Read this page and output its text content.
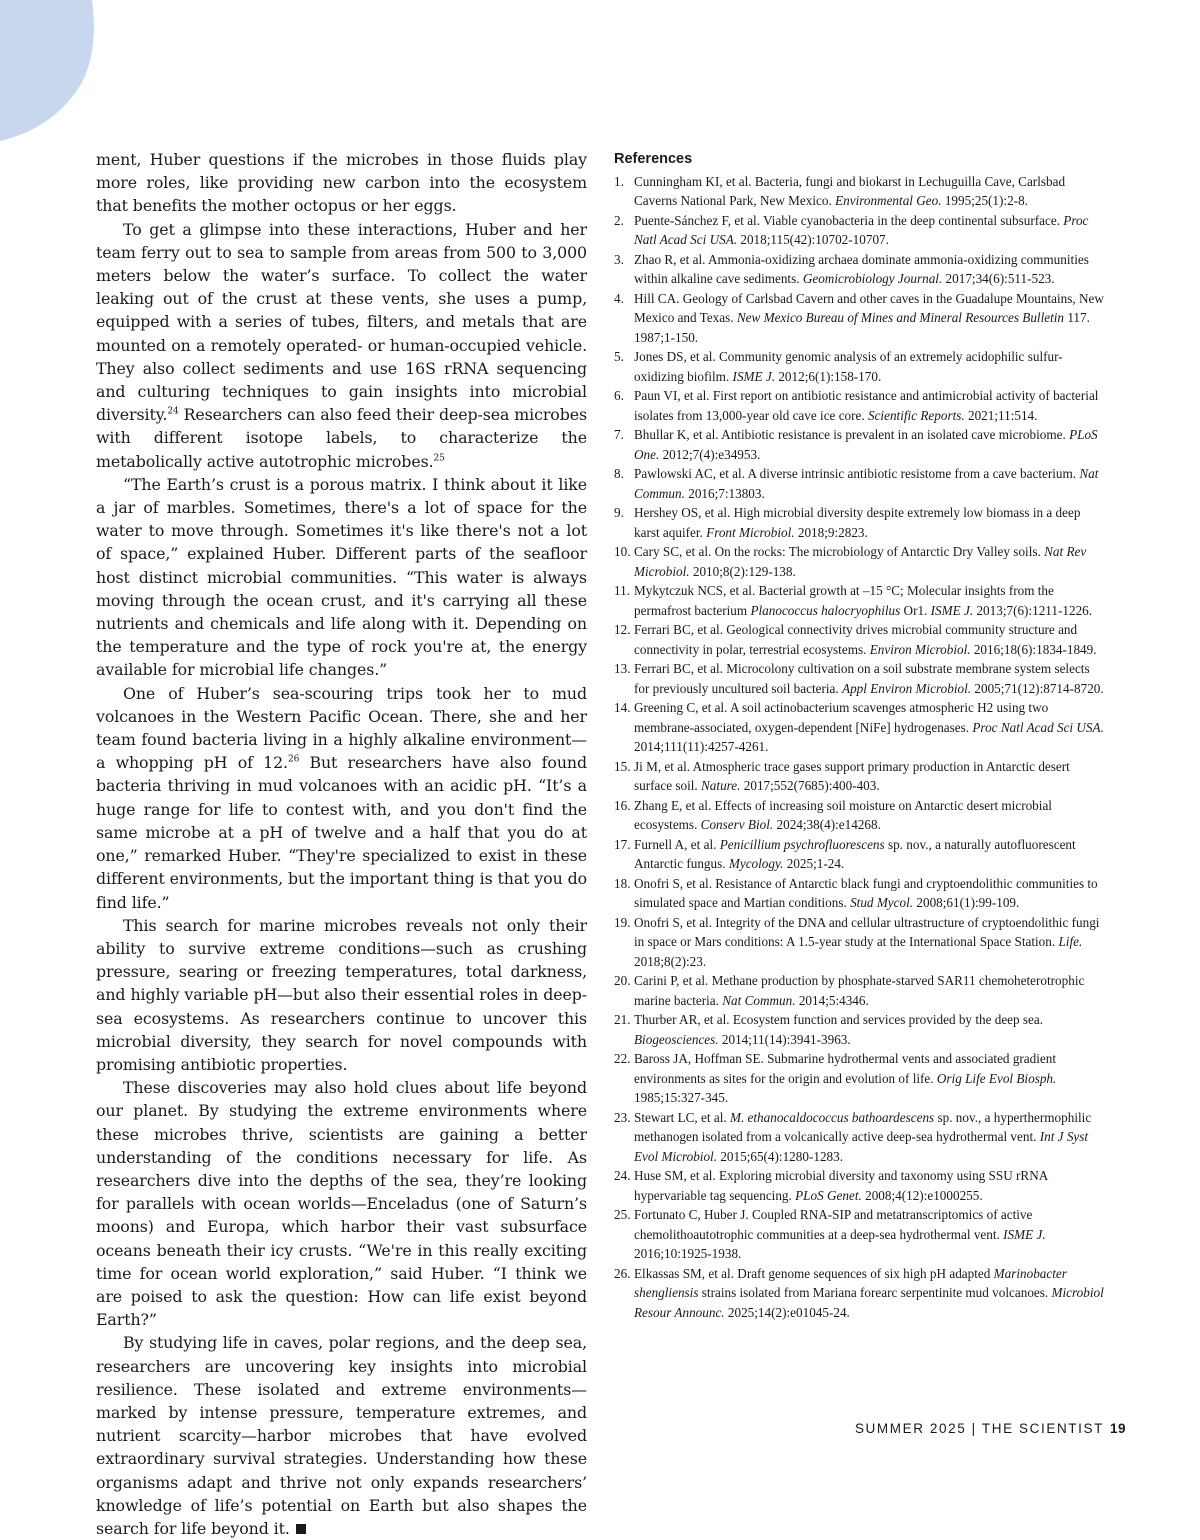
ment, Huber questions if the microbes in those fluids play more roles, like providing new carbon into the ecosystem that benefits the mother octopus or her eggs.

To get a glimpse into these interactions, Huber and her team ferry out to sea to sample from areas from 500 to 3,000 meters below the water’s surface. To collect the water leaking out of the crust at these vents, she uses a pump, equipped with a series of tubes, filters, and metals that are mounted on a remotely operated- or human-occupied vehicle. They also collect sediments and use 16S rRNA sequencing and culturing techniques to gain insights into microbial diversity.$^{24}$ Researchers can also feed their deep-sea microbes with different isotope labels, to characterize the metabolically active autotrophic microbes.$^{25}$

“The Earth’s crust is a porous matrix. I think about it like a jar of marbles. Sometimes, there's a lot of space for the water to move through. Sometimes it's like there's not a lot of space,” explained Huber. Different parts of the seafloor host distinct microbial communities. “This water is always moving through the ocean crust, and it's carrying all these nutrients and chemicals and life along with it. Depending on the temperature and the type of rock you're at, the energy available for microbial life changes.”

One of Huber’s sea-scouring trips took her to mud volcanoes in the Western Pacific Ocean. There, she and her team found bacteria living in a highly alkaline environment—a whopping pH of 12.26 But researchers have also found bacteria thriving in mud volcanoes with an acidic pH. “It’s a huge range for life to contest with, and you don't find the same microbe at a pH of twelve and a half that you do at one,” remarked Huber. “They're specialized to exist in these different environments, but the important thing is that you do find life.”

This search for marine microbes reveals not only their ability to survive extreme conditions—such as crushing pressure, searing or freezing temperatures, total darkness, and highly variable pH—but also their essential roles in deep-sea ecosystems. As researchers continue to uncover this microbial diversity, they search for novel compounds with promising antibiotic properties.

These discoveries may also hold clues about life beyond our planet. By studying the extreme environments where these microbes thrive, scientists are gaining a better understanding of the conditions necessary for life. As researchers dive into the depths of the sea, they’re looking for parallels with ocean worlds—Enceladus (one of Saturn’s moons) and Europa, which harbor their vast subsurface oceans beneath their icy crusts. “We're in this really exciting time for ocean world exploration,” said Huber. “I think we are poised to ask the question: How can life exist beyond Earth?”

By studying life in caves, polar regions, and the deep sea, researchers are uncovering key insights into microbial resilience. These isolated and extreme environments—marked by intense pressure, temperature extremes, and nutrient scarcity—harbor microbes that have evolved extraordinary survival strategies. Understanding how these organisms adapt and thrive not only expands researchers’ knowledge of life’s potential on Earth but also shapes the search for life beyond it.

References
1. Cunningham KI, et al. Bacteria, fungi and biokarst in Lechuguilla Cave, Carlsbad Caverns National Park, New Mexico. Environmental Geo. 1995;25(1):2-8.
2. Puente-Sánchez F, et al. Viable cyanobacteria in the deep continental subsurface. Proc Natl Acad Sci USA. 2018;115(42):10702-10707.
3. Zhao R, et al. Ammonia-oxidizing archaea dominate ammonia-oxidizing communities within alkaline cave sediments. Geomicrobiology Journal. 2017;34(6):511-523.
4. Hill CA. Geology of Carlsbad Cavern and other caves in the Guadalupe Mountains, New Mexico and Texas. New Mexico Bureau of Mines and Mineral Resources Bulletin 117. 1987;1-150.
5. Jones DS, et al. Community genomic analysis of an extremely acidophilic sulfur-oxidizing biofilm. ISME J. 2012;6(1):158-170.
6. Paun VI, et al. First report on antibiotic resistance and antimicrobial activity of bacterial isolates from 13,000-year old cave ice core. Scientific Reports. 2021;11:514.
7. Bhullar K, et al. Antibiotic resistance is prevalent in an isolated cave microbiome. PLoS One. 2012;7(4):e34953.
8. Pawlowski AC, et al. A diverse intrinsic antibiotic resistome from a cave bacterium. Nat Commun. 2016;7:13803.
9. Hershey OS, et al. High microbial diversity despite extremely low biomass in a deep karst aquifer. Front Microbiol. 2018;9:2823.
10. Cary SC, et al. On the rocks: The microbiology of Antarctic Dry Valley soils. Nat Rev Microbiol. 2010;8(2):129-138.
11. Mykytczuk NCS, et al. Bacterial growth at –15 °C; Molecular insights from the permafrost bacterium Planococcus halocryophilus Or1. ISME J. 2013;7(6):1211-1226.
12. Ferrari BC, et al. Geological connectivity drives microbial community structure and connectivity in polar, terrestrial ecosystems. Environ Microbiol. 2016;18(6):1834-1849.
13. Ferrari BC, et al. Microcolony cultivation on a soil substrate membrane system selects for previously uncultured soil bacteria. Appl Environ Microbiol. 2005;71(12):8714-8720.
14. Greening C, et al. A soil actinobacterium scavenges atmospheric H2 using two membrane-associated, oxygen-dependent [NiFe] hydrogenases. Proc Natl Acad Sci USA. 2014;111(11):4257-4261.
15. Ji M, et al. Atmospheric trace gases support primary production in Antarctic desert surface soil. Nature. 2017;552(7685):400-403.
16. Zhang E, et al. Effects of increasing soil moisture on Antarctic desert microbial ecosystems. Conserv Biol. 2024;38(4):e14268.
17. Furnell A, et al. Penicillium psychrofluorescens sp. nov., a naturally autofluorescent Antarctic fungus. Mycology. 2025;1-24.
18. Onofri S, et al. Resistance of Antarctic black fungi and cryptoendolithic communities to simulated space and Martian conditions. Stud Mycol. 2008;61(1):99-109.
19. Onofri S, et al. Integrity of the DNA and cellular ultrastructure of cryptoendolithic fungi in space or Mars conditions: A 1.5-year study at the International Space Station. Life. 2018;8(2):23.
20. Carini P, et al. Methane production by phosphate-starved SAR11 chemoheterotrophic marine bacteria. Nat Commun. 2014;5:4346.
21. Thurber AR, et al. Ecosystem function and services provided by the deep sea. Biogeosciences. 2014;11(14):3941-3963.
22. Baross JA, Hoffman SE. Submarine hydrothermal vents and associated gradient environments as sites for the origin and evolution of life. Orig Life Evol Biosph. 1985;15:327-345.
23. Stewart LC, et al. M. ethanocaldococcus bathoardescens sp. nov., a hyperthermophilic methanogen isolated from a volcanically active deep-sea hydrothermal vent. Int J Syst Evol Microbiol. 2015;65(4):1280-1283.
24. Huse SM, et al. Exploring microbial diversity and taxonomy using SSU rRNA hypervariable tag sequencing. PLoS Genet. 2008;4(12):e1000255.
25. Fortunato C, Huber J. Coupled RNA-SIP and metatranscriptomics of active chemolithoautotrophic communities at a deep-sea hydrothermal vent. ISME J. 2016;10:1925-1938.
26. Elkassas SM, et al. Draft genome sequences of six high pH adapted Marinobacter shengliensis strains isolated from Mariana forearc serpentinite mud volcanoes. Microbiol Resour Announc. 2025;14(2):e01045-24.
SUMMER 2025 | THE SCIENTIST 19
